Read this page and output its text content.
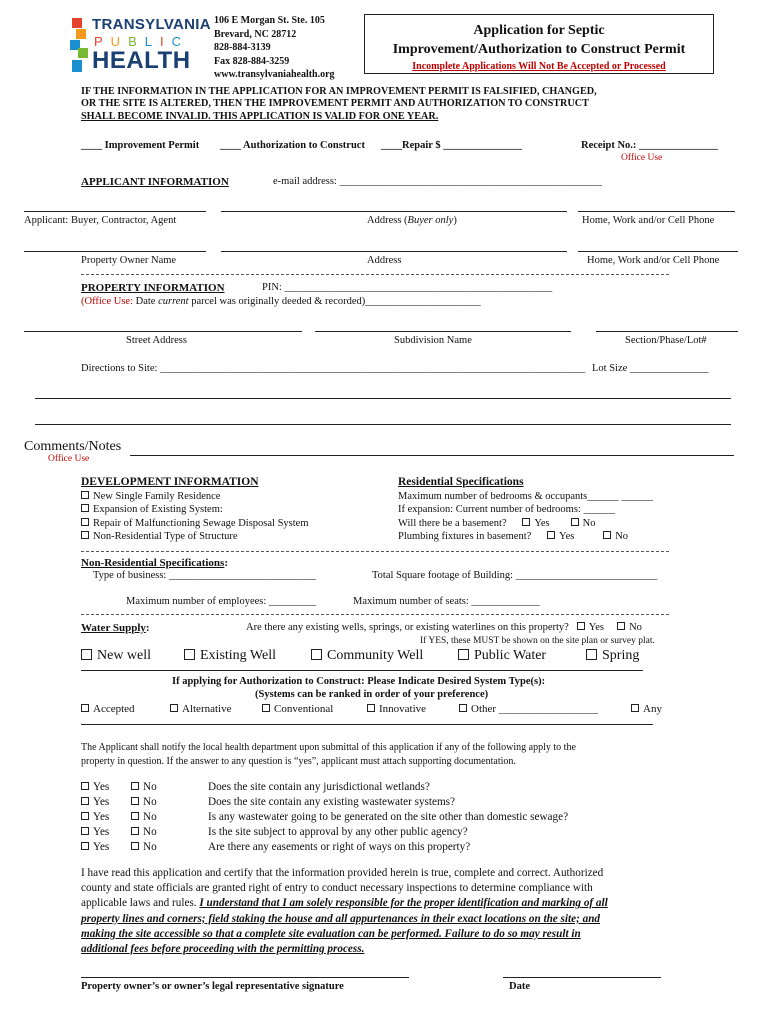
TRANSYLVANIA
PUBLIC
HEALTH
106 E Morgan St. Ste. 105
Brevard, NC 28712
828-884-3139
Fax 828-884-3259
www.transylvaniahealth.org
Application for Septic
Improvement/Authorization to Construct Permit
Incomplete Applications Will Not Be Accepted or Processed
IF THE INFORMATION IN THE APPLICATION FOR AN IMPROVEMENT PERMIT IS FALSIFIED, CHANGED,
OR THE SITE IS ALTERED, THEN THE IMPROVEMENT PERMIT AND AUTHORIZATION TO CONSTRUCT
SHALL BECOME INVALID. THIS APPLICATION IS VALID FOR ONE YEAR.
____ Improvement Permit ____ Authorization to Construct ____Repair $ _______________	Receipt No.: _______________
Office Use
APPLICANT INFORMATION	e-mail address: __________________________________________________
Applicant: Buyer, Contractor, Agent	Address (Buyer only)	Home, Work and/or Cell Phone
Property Owner Name	Address	Home, Work and/or Cell Phone
PROPERTY INFORMATION	PIN: ___________________________________________________
(Office Use: Date current parcel was originally deeded & recorded)______________________
Street Address	Subdivision Name	Section/Phase/Lot#
Directions to Site: _________________________________________________________________________________ Lot Size _______________
Comments/Notes
Office Use
DEVELOPMENT INFORMATION
New Single Family Residence
Expansion of Existing System:
Repair of Malfunctioning Sewage Disposal System
Non-Residential Type of Structure
Residential Specifications
Maximum number of bedrooms & occupants______ ______
If expansion: Current number of bedrooms: ______
Will there be a basement?	Yes	No
Plumbing fixtures in basement?	Yes	No
Non-Residential Specifications:
Type of business: ____________________________	Total Square footage of Building: ___________________________
Maximum number of employees: _________	Maximum number of seats: _____________
Water Supply:	Are there any existing wells, springs, or existing waterlines on this property? Yes No
If YES, these MUST be shown on the site plan or survey plat.
New well	Existing Well	Community Well	Public Water	Spring
If applying for Authorization to Construct: Please Indicate Desired System Type(s):
(Systems can be ranked in order of your preference)
Accepted	Alternative	Conventional	Innovative	Other __________________	Any
The Applicant shall notify the local health department upon submittal of this application if any of the following apply to the
property in question. If the answer to any question is “yes”, applicant must attach supporting documentation.
Yes	No	Does the site contain any jurisdictional wetlands?
Yes	No	Does the site contain any existing wastewater systems?
Yes	No	Is any wastewater going to be generated on the site other than domestic sewage?
Yes	No	Is the site subject to approval by any other public agency?
Yes	No	Are there any easements or right of ways on this property?
I have read this application and certify that the information provided herein is true, complete and correct. Authorized
county and state officials are granted right of entry to conduct necessary inspections to determine compliance with
applicable laws and rules. I understand that I am solely responsible for the proper identification and marking of all
property lines and corners; field staking the house and all appurtenances in their exact locations on the site; and
making the site accessible so that a complete site evaluation can be performed. Failure to do so may result in
additional fees before proceeding with the permitting process.
Property owner’s or owner’s legal representative signature	Date
